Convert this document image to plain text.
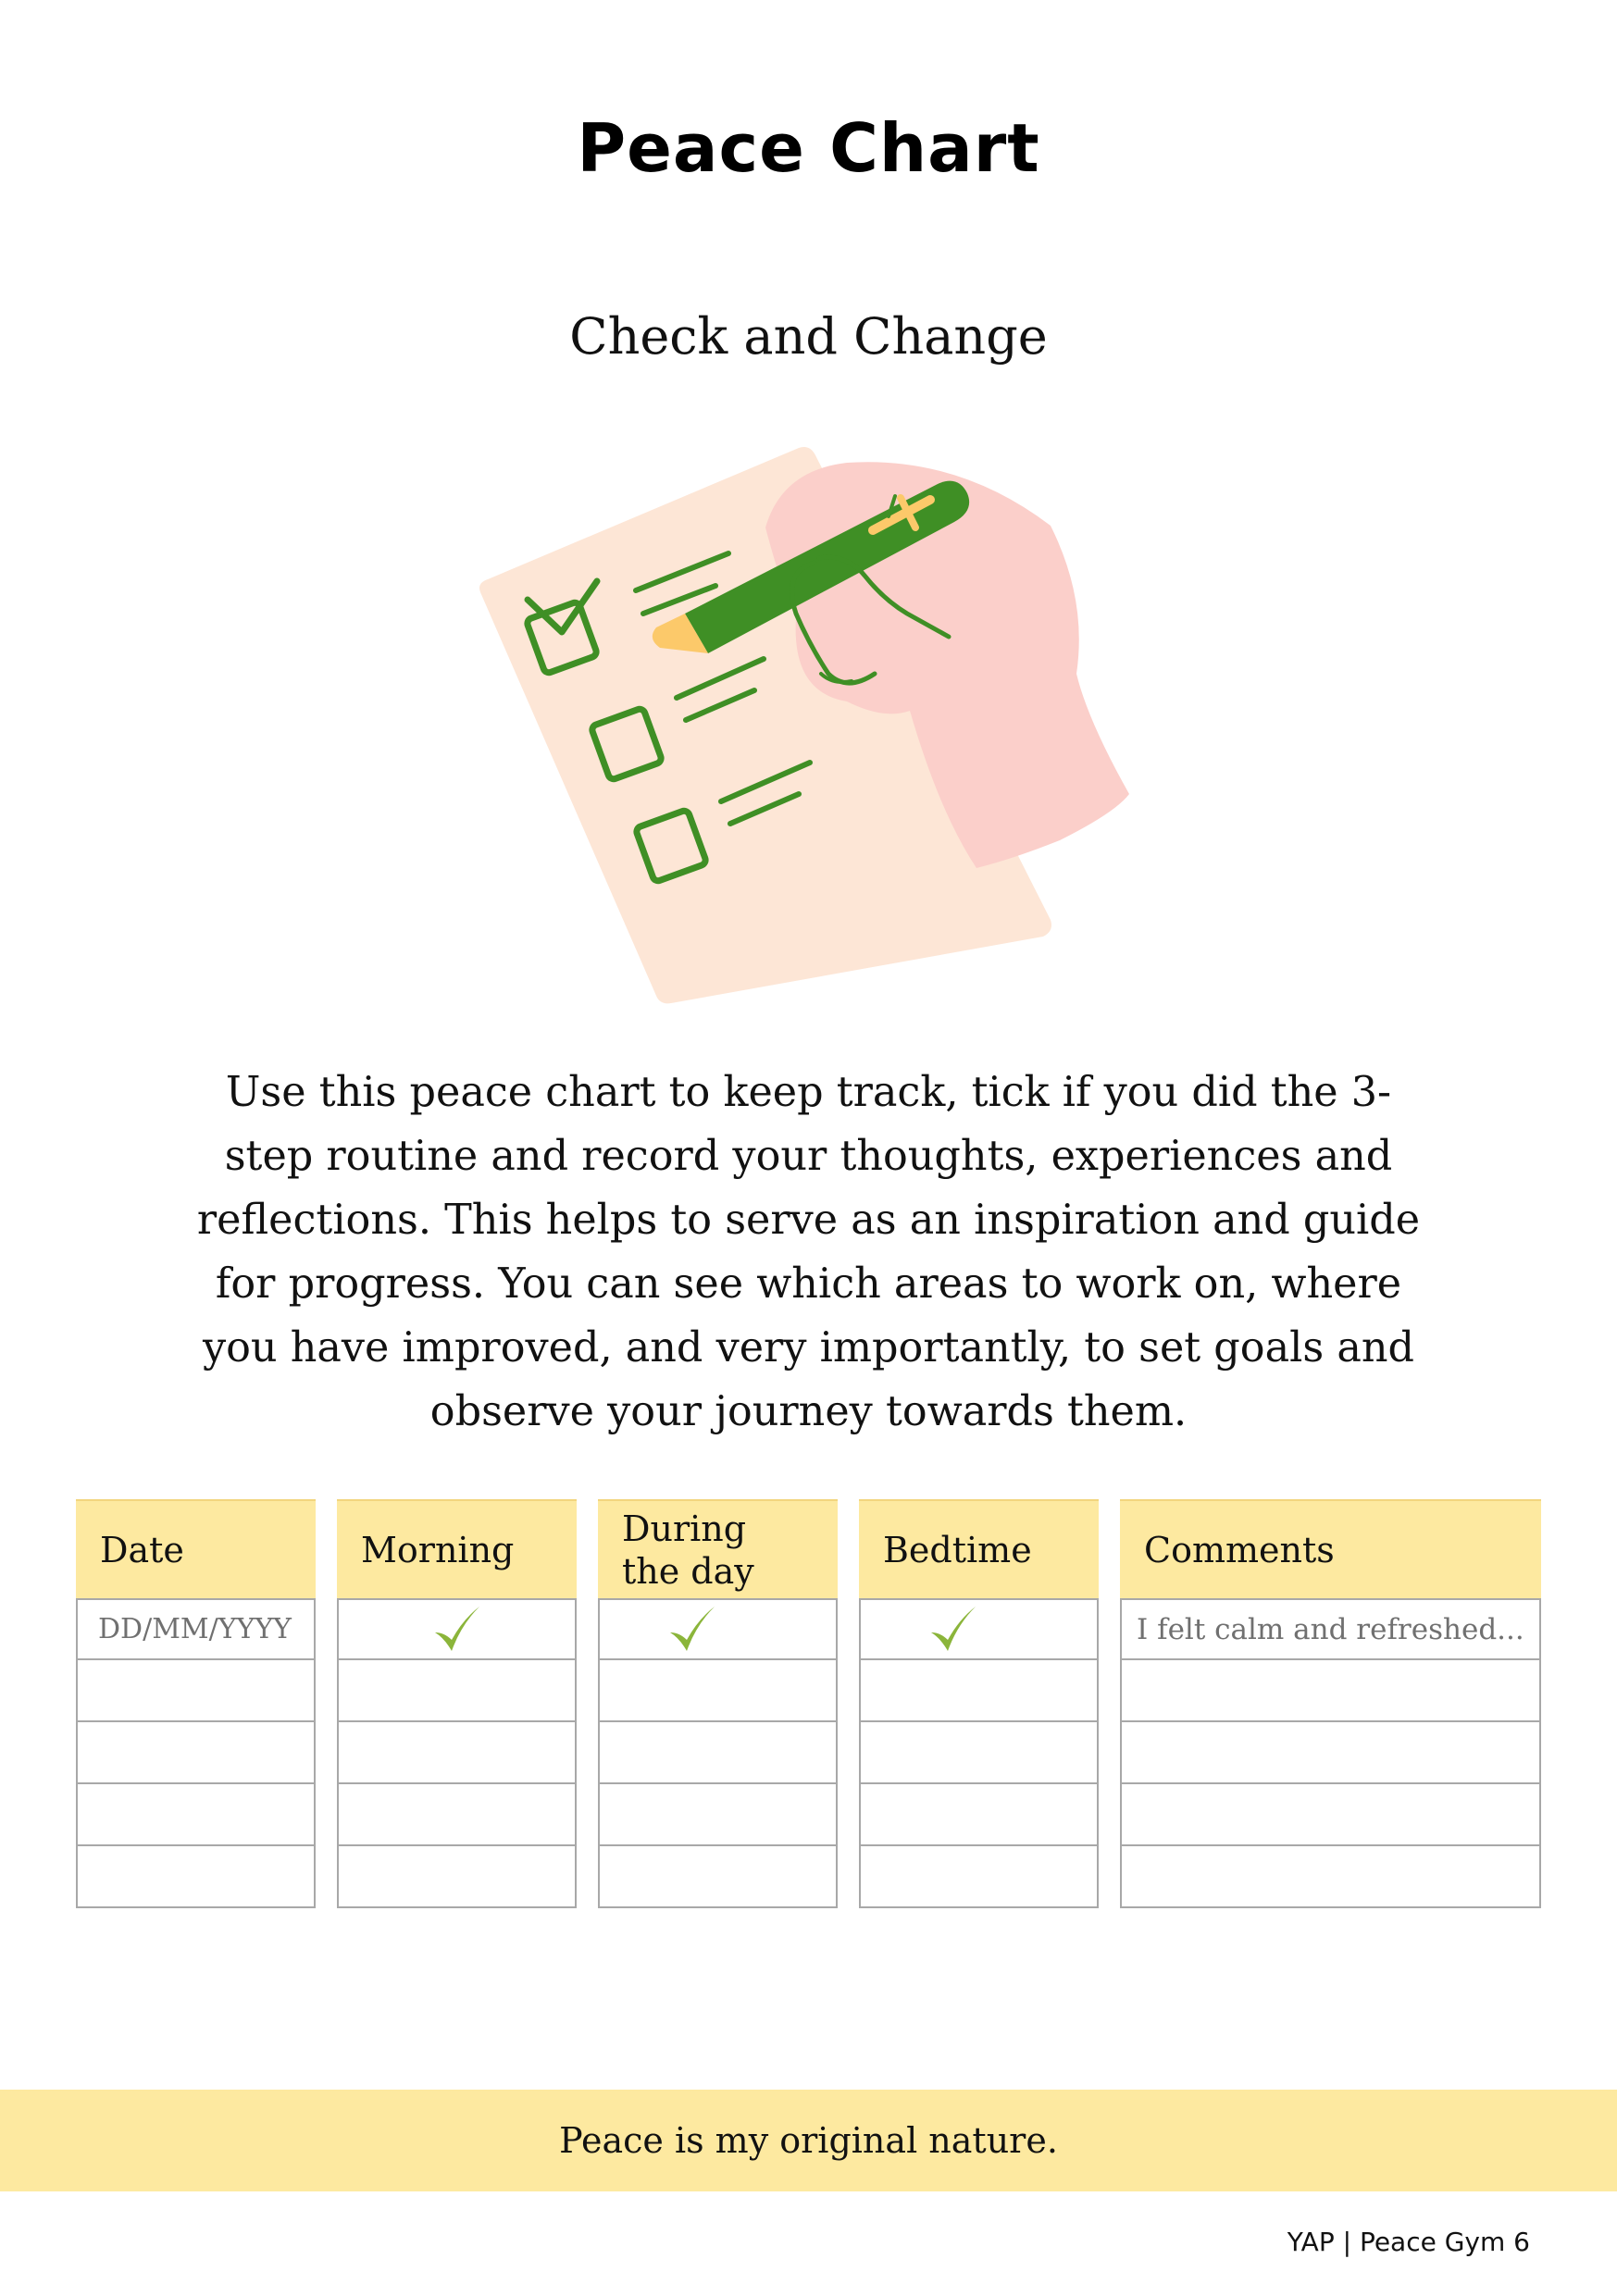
Peace Chart
Check and Change
Use this peace chart to keep track, tick if you did the 3-step routine and record your thoughts, experiences and reflections. This helps to serve as an inspiration and guide for progress. You can see which areas to work on, where you have improved, and very importantly, to set goals and observe your journey towards them.
Date
DD/MM/YYYY
Morning
During
the day
Bedtime	Comments
I felt calm and refreshed...
Peace is my original nature.
YAP | Peace Gym 6
